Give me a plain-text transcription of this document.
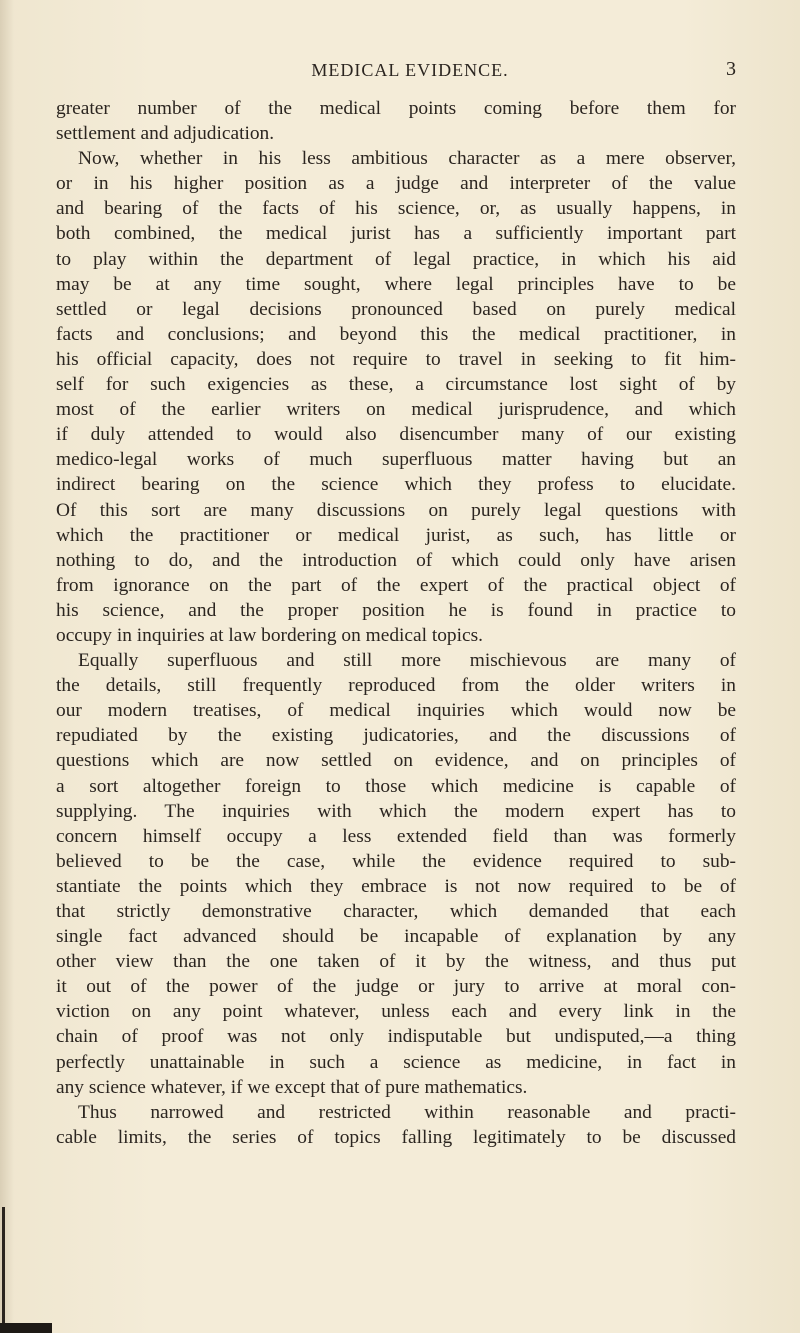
MEDICAL EVIDENCE.	3
greater number of the medical points coming before them for
settlement and adjudication.
Now, whether in his less ambitious character as a mere observer,
or in his higher position as a judge and interpreter of the value
and bearing of the facts of his science, or, as usually happens, in
both combined, the medical jurist has a sufficiently important part
to play within the department of legal practice, in which his aid
may be at any time sought, where legal principles have to be
settled or legal decisions pronounced based on purely medical
facts and conclusions; and beyond this the medical practitioner, in
his official capacity, does not require to travel in seeking to fit him-
self for such exigencies as these, a circumstance lost sight of by
most of the earlier writers on medical jurisprudence, and which
if duly attended to would also disencumber many of our existing
medico-legal works of much superfluous matter having but an
indirect bearing on the science which they profess to elucidate.
Of this sort are many discussions on purely legal questions with
which the practitioner or medical jurist, as such, has little or
nothing to do, and the introduction of which could only have arisen
from ignorance on the part of the expert of the practical object of
his science, and the proper position he is found in practice to
occupy in inquiries at law bordering on medical topics.
Equally superfluous and still more mischievous are many of
the details, still frequently reproduced from the older writers in
our modern treatises, of medical inquiries which would now be
repudiated by the existing judicatories, and the discussions of
questions which are now settled on evidence, and on principles of
a sort altogether foreign to those which medicine is capable of
supplying. The inquiries with which the modern expert has to
concern himself occupy a less extended field than was formerly
believed to be the case, while the evidence required to sub-
stantiate the points which they embrace is not now required to be of
that strictly demonstrative character, which demanded that each
single fact advanced should be incapable of explanation by any
other view than the one taken of it by the witness, and thus put
it out of the power of the judge or jury to arrive at moral con-
viction on any point whatever, unless each and every link in the
chain of proof was not only indisputable but undisputed,—a thing
perfectly unattainable in such a science as medicine, in fact in
any science whatever, if we except that of pure mathematics.
Thus narrowed and restricted within reasonable and practi-
cable limits, the series of topics falling legitimately to be discussed
